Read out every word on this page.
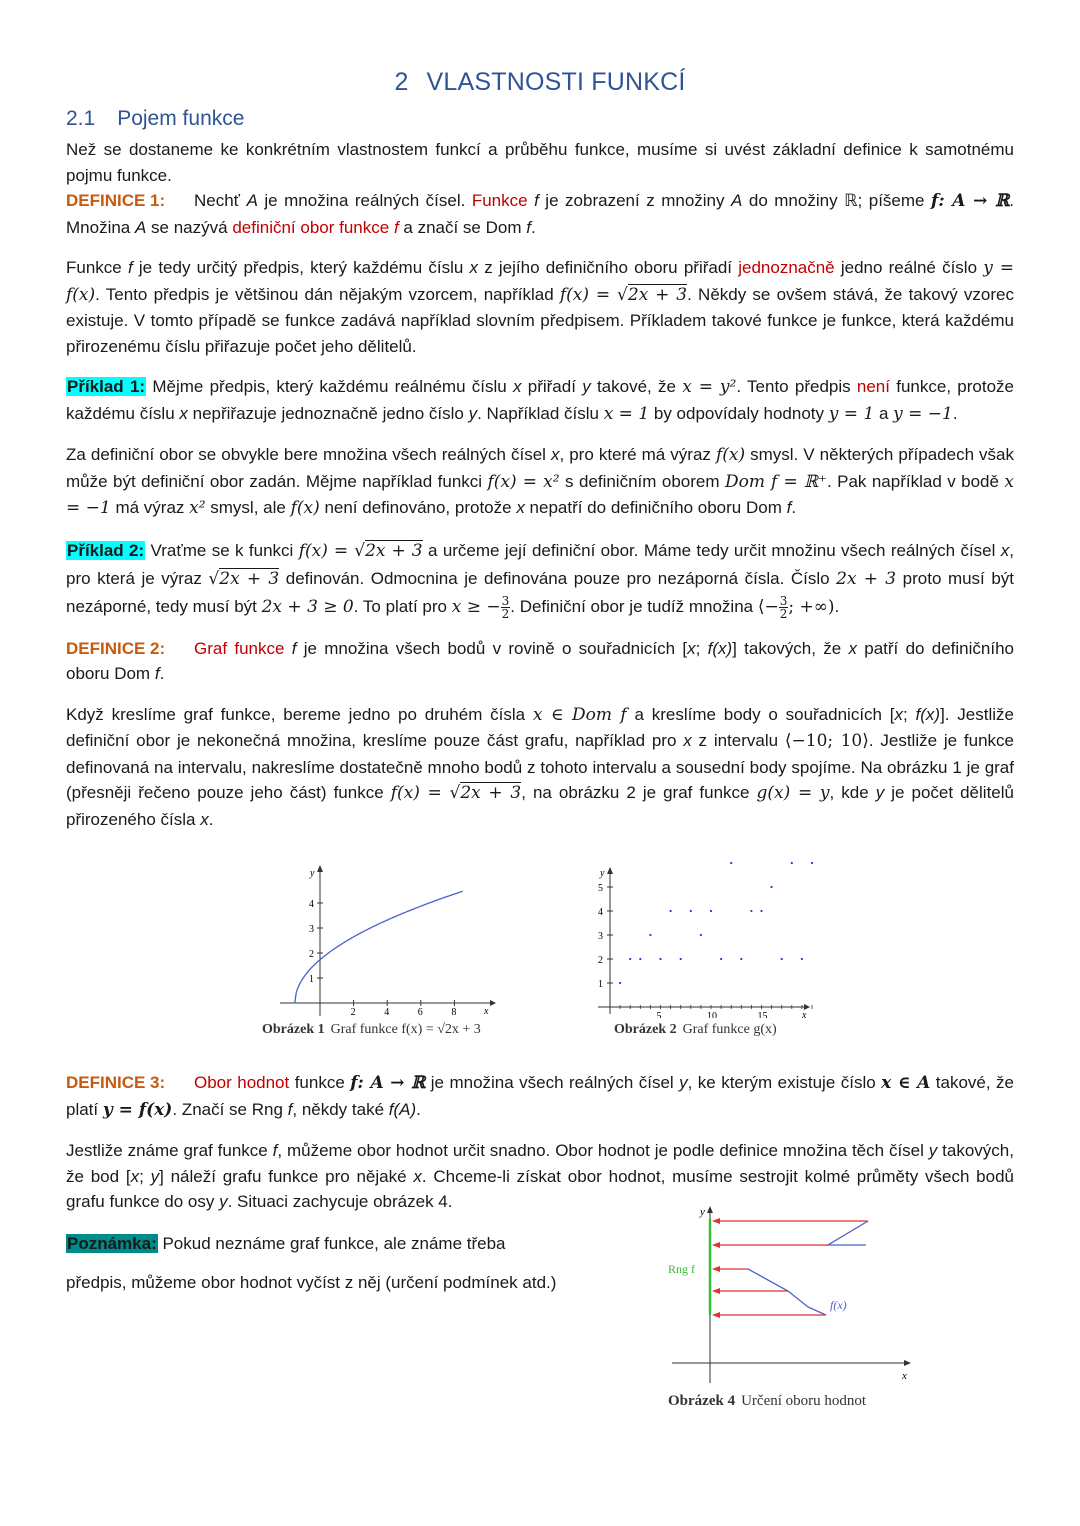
2 VLASTNOSTI FUNKCÍ
2.1 Pojem funkce

Než se dostaneme ke konkrétním vlastnostem funkcí a průběhu funkce, musíme si uvést základní definice k samotnému pojmu funkce.

DEFINICE 1: Nechť A je množina reálných čísel. Funkce f je zobrazení z množiny A do množiny ℝ; píšeme f: A → ℝ. Množina A se nazývá definiční obor funkce f a značí se Dom f.

Funkce f je tedy určitý předpis, který každému číslu x z jejího definičního oboru přiřadí jednoznačně jedno reálné číslo y = f(x). Tento předpis je většinou dán nějakým vzorcem, například f(x) = √2x + 3. Někdy se ovšem stává, že takový vzorec existuje. V tomto případě se funkce zadává například slovním předpisem. Příkladem takové funkce je funkce, která každému přirozenému číslu přiřazuje počet jeho dělitelů.

Příklad 1: Mějme předpis, který každému reálnému číslu x přiřadí y takové, že x = y². Tento předpis není funkce, protože každému číslu x nepřiřazuje jednoznačně jedno číslo y. Například číslu x = 1 by odpovídaly hodnoty y = 1 a y = −1.

Za definiční obor se obvykle bere množina všech reálných čísel x, pro které má výraz f(x) smysl. V některých případech však může být definiční obor zadán. Mějme například funkci f(x) = x² s definičním oborem Dom f = ℝ⁺. Pak například v bodě x = −1 má výraz x² smysl, ale f(x) není definováno, protože x nepatří do definičního oboru Dom f.

Příklad 2: Vraťme se k funkci f(x) = √2x + 3 a určeme její definiční obor. Máme tedy určit množinu všech reálných čísel x, pro která je výraz √2x + 3 definován. Odmocnina je definována pouze pro nezáporná čísla. Číslo 2x + 3 proto musí být nezáporné, tedy musí být 2x + 3 ≥ 0. To platí pro x ≥ − $\frac{3}{2}$ . Definiční obor je tudíž množina ⟨− $\frac{3}{2}$ ; +∞).

DEFINICE 2: Graf funkce f je množina všech bodů v rovině o souřadnicích [x; f(x)] takových, že x patří do definičního oboru Dom f.

Když kreslíme graf funkce, bereme jedno po druhém čísla x ∈ Dom f a kreslíme body o souřadnicích [x; f(x)]. Jestliže definiční obor je nekonečná množina, kreslíme pouze část grafu, například pro x z intervalu ⟨−10; 10⟩. Jestliže je funkce definovaná na intervalu, nakreslíme dostatečně mnoho bodů z tohoto intervalu a sousední body spojíme. Na obrázku 1 je graf (přesněji řečeno pouze jeho část) funkce f(x) = √2x + 3, na obrázku 2 je graf funkce g(x) = y, kde y je počet dělitelů přirozeného čísla x.

2	4	6	8
1
2
3
4
x
y
Obrázek 1 Graf funkce f(x) = √2x + 3
5	10	15
1
2
3
4
5
x
y
Obrázek 2 Graf funkce g(x)

DEFINICE 3: Obor hodnot funkce f: A → ℝ je množina všech reálných čísel y, ke kterým existuje číslo x ∈ A takové, že platí y = f(x). Značí se Rng f, někdy také f(A).

Jestliže známe graf funkce f, můžeme obor hodnot určit snadno. Obor hodnot je podle definice množina těch čísel y takových, že bod [x; y] náleží grafu funkce pro nějaké x. Chceme-li získat obor hodnot, musíme sestrojit kolmé průměty všech bodů grafu funkce do osy y. Situaci zachycuje obrázek 4.

Poznámka: Pokud neznáme graf funkce, ale známe třeba

předpis, můžeme obor hodnot vyčíst z něj (určení podmínek atd.)

y
x
Rng f
f(x)
Obrázek 4 Určení oboru hodnot
